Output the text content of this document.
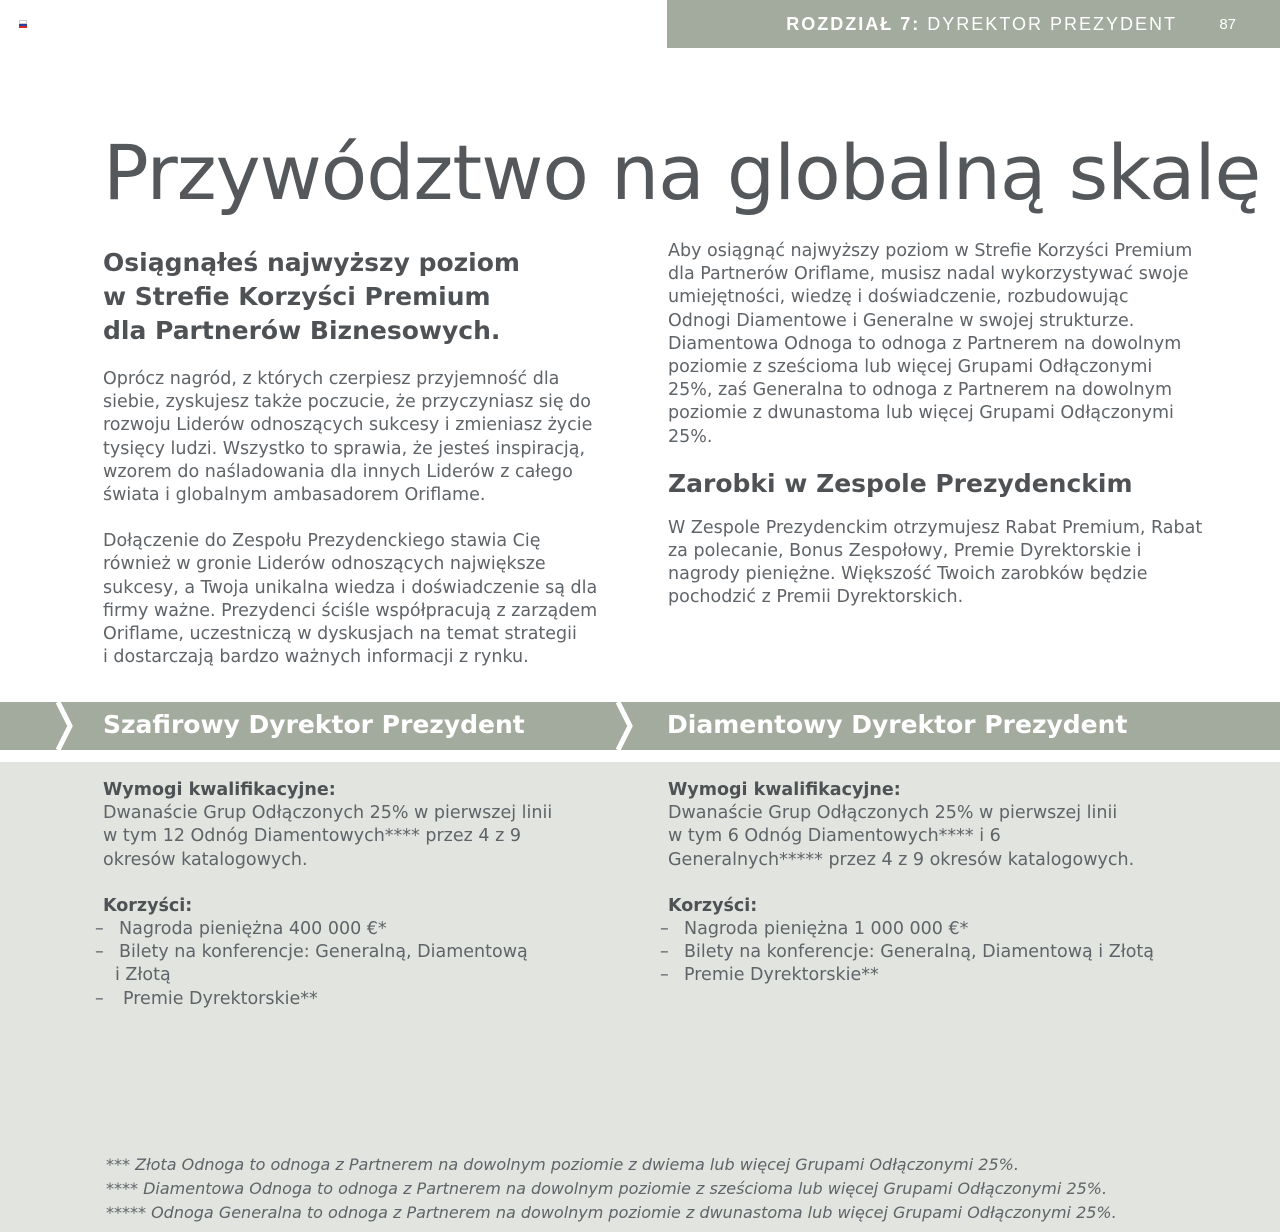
ROZDZIAŁ 7: DYREKTOR PREZYDENT	87
Przywództwo na globalną skalę
Osiągnąłeś najwyższy poziom
w Strefie Korzyści Premium
dla Partnerów Biznesowych.

Oprócz nagród, z których czerpiesz przyjemność dla
siebie, zyskujesz także poczucie, że przyczyniasz się do
rozwoju Liderów odnoszących sukcesy i zmieniasz życie
tysięcy ludzi. Wszystko to sprawia, że jesteś inspiracją,
wzorem do naśladowania dla innych Liderów z całego
świata i globalnym ambasadorem Oriflame.

Dołączenie do Zespołu Prezydenckiego stawia Cię
również w gronie Liderów odnoszących największe
sukcesy, a Twoja unikalna wiedza i doświadczenie są dla
firmy ważne. Prezydenci ściśle współpracują z zarządem
Oriflame, uczestniczą w dyskusjach na temat strategii
i dostarczają bardzo ważnych informacji z rynku.

Aby osiągnąć najwyższy poziom w Strefie Korzyści Premium
dla Partnerów Oriflame, musisz nadal wykorzystywać swoje
umiejętności, wiedzę i doświadczenie, rozbudowując
Odnogi Diamentowe i Generalne w swojej strukturze.
Diamentowa Odnoga to odnoga z Partnerem na dowolnym
poziomie z sześcioma lub więcej Grupami Odłączonymi
25%, zaś Generalna to odnoga z Partnerem na dowolnym
poziomie z dwunastoma lub więcej Grupami Odłączonymi
25%.

Zarobki w Zespole Prezydenckim

W Zespole Prezydenckim otrzymujesz Rabat Premium, Rabat
za polecanie, Bonus Zespołowy, Premie Dyrektorskie i
nagrody pieniężne. Większość Twoich zarobków będzie
pochodzić z Premii Dyrektorskich.

Szafirowy Dyrektor Prezydent	Diamentowy Dyrektor Prezydent

Wymogi kwalifikacyjne:

Dwanaście Grup Odłączonych 25% w pierwszej linii
w tym 12 Odnóg Diamentowych**** przez 4 z 9
okresów katalogowych.

Korzyści:

– Nagroda pieniężna 400 000 €*
– Bilety na konferencje: Generalną, Diamentową
i Złotą
– Premie Dyrektorskie**

Wymogi kwalifikacyjne:

Dwanaście Grup Odłączonych 25% w pierwszej linii
w tym 6 Odnóg Diamentowych**** i 6
Generalnych***** przez 4 z 9 okresów katalogowych.

Korzyści:

– Nagroda pieniężna 1 000 000 €*
– Bilety na konferencje: Generalną, Diamentową i Złotą
– Premie Dyrektorskie**
*** Złota Odnoga to odnoga z Partnerem na dowolnym poziomie z dwiema lub więcej Grupami Odłączonymi 25%.
**** Diamentowa Odnoga to odnoga z Partnerem na dowolnym poziomie z sześcioma lub więcej Grupami Odłączonymi 25%.
***** Odnoga Generalna to odnoga z Partnerem na dowolnym poziomie z dwunastoma lub więcej Grupami Odłączonymi 25%.
